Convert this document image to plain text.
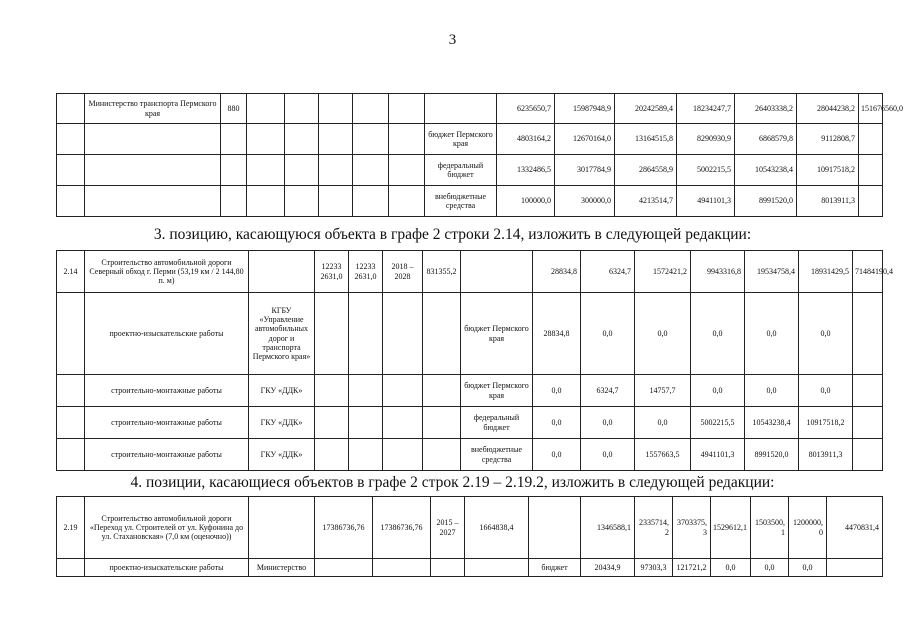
3
	Министерство транспорта Пермского края	880							6235650,7	15987948,9	20242589,4	18234247,7	26403338,2	28044238,2	151676560,0
								бюджет Пермского края	4803164,2	12670164,0	13164515,8	8290930,9	6868579,8	9112808,7	
								федеральный бюджет	1332486,5	3017784,9	2864558,9	5002215,5	10543238,4	10917518,2	
								внебюджетные средства	100000,0	300000,0	4213514,7	4941101,3	8991520,0	8013911,3	
3. позицию, касающуюся объекта в графе 2 строки 2.14, изложить в следующей редакции:
2.14	Строительство автомобильной дороги Северный обход г. Перми (53,19 км / 2 144,80 п. м)		12233 2631,0	12233 2631,0	2018 – 2028	831355,2		28834,8	6324,7	1572421,2	9943316,8	19534758,4	18931429,5	71484190,4
	проектно-изыскательские работы	КГБУ «Управление автомобильных дорог и транспорта Пермского края»					бюджет Пермского края	28834,8	0,0	0,0	0,0	0,0	0,0	
	строительно-монтажные работы	ГКУ «ДДК»					бюджет Пермского края	0,0	6324,7	14757,7	0,0	0,0	0,0	
	строительно-монтажные работы	ГКУ «ДДК»					федеральный бюджет	0,0	0,0	0,0	5002215,5	10543238,4	10917518,2	
	строительно-монтажные работы	ГКУ «ДДК»					внебюджетные средства	0,0	0,0	1557663,5	4941101,3	8991520,0	8013911,3	
4. позиции, касающиеся объектов в графе 2 строк 2.19 – 2.19.2, изложить в следующей редакции:
2.19	Строительство автомобильной дороги «Переход ул. Строителей от ул. Куфонина до ул. Стахановская» (7,0 км (оценочно))		17386736,76	17386736,76	2015 – 2027	1664838,4		1346588,1	2335714,2	3703375,3	1529612,1	1503500,1	1200000,0	4470831,4
	проектно-изыскательские работы	Министерство					бюджет	20434,9	97303,3	121721,2	0,0	0,0	0,0	
